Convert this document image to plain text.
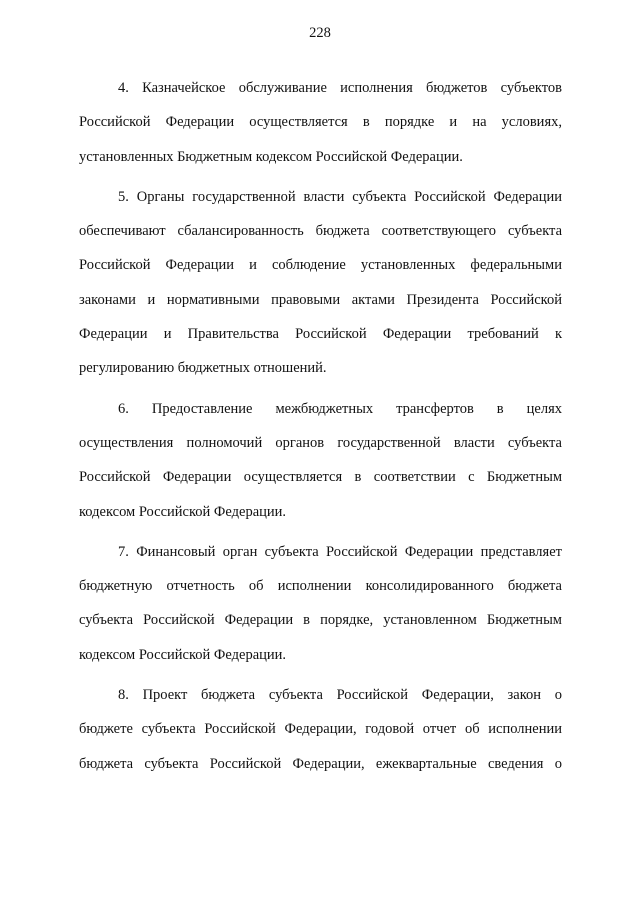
228

4. Казначейское обслуживание исполнения бюджетов субъектов
Российской Федерации осуществляется в порядке и на условиях,
установленных Бюджетным кодексом Российской Федерации.

5. Органы государственной власти субъекта Российской Федерации
обеспечивают сбалансированность бюджета соответствующего субъекта
Российской Федерации и соблюдение установленных федеральными
законами и нормативными правовыми актами Президента Российской
Федерации и Правительства Российской Федерации требований к
регулированию бюджетных отношений.

6. Предоставление межбюджетных трансфертов в целях
осуществления полномочий органов государственной власти субъекта
Российской Федерации осуществляется в соответствии с Бюджетным
кодексом Российской Федерации.

7. Финансовый орган субъекта Российской Федерации представляет
бюджетную отчетность об исполнении консолидированного бюджета
субъекта Российской Федерации в порядке, установленном Бюджетным
кодексом Российской Федерации.

8. Проект бюджета субъекта Российской Федерации, закон о
бюджете субъекта Российской Федерации, годовой отчет об исполнении
бюджета субъекта Российской Федерации, ежеквартальные сведения о
